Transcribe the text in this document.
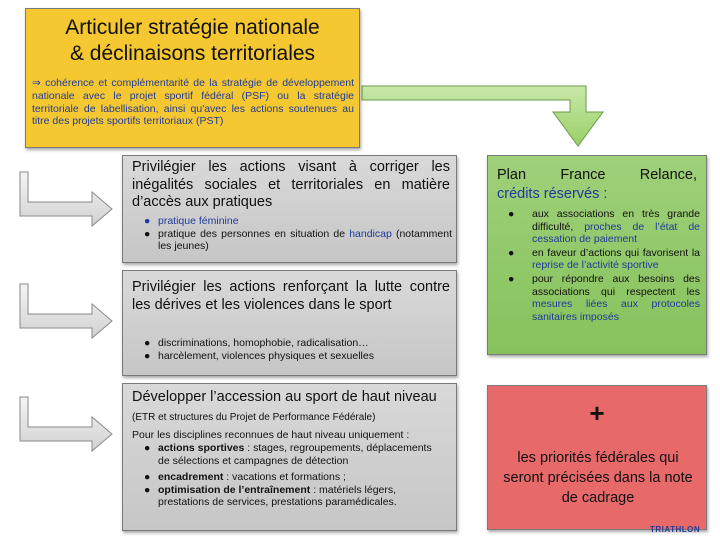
Articuler stratégie nationale
& déclinaisons territoriales
⇒ cohérence et complémentarité de la stratégie de développement nationale avec le projet sportif fédéral (PSF) ou la stratégie territoriale de labellisation, ainsi qu'avec les actions soutenues au titre des projets sportifs territoriaux (PST)
Privilégier les actions visant à corriger les inégalités sociales et territoriales en matière d’accès aux pratiques
● pratique féminine
● pratique des personnes en situation de handicap (notamment les jeunes)
Privilégier les actions renforçant la lutte contre les dérives et les violences dans le sport
● discriminations, homophobie, radicalisation…
● harcèlement, violences physiques et sexuelles
Développer l’accession au sport de haut niveau (ETR et structures du Projet de Performance Fédérale)
Pour les disciplines reconnues de haut niveau uniquement :
● actions sportives : stages, regroupements, déplacements de sélections et campagnes de détection
● encadrement : vacations et formations ;
● optimisation de l’entraînement : matériels légers, prestations de services, prestations paramédicales.
Plan France Relance,
crédits réservés :
● aux associations en très grande difficulté, proches de l’état de cessation de paiement
● en faveur d’actions qui favorisent la reprise de l’activité sportive
● pour répondre aux besoins des associations qui respectent les mesures liées aux protocoles sanitaires imposés
+
les priorités fédérales qui seront précisées dans la note de cadrage
TRIATHLON
